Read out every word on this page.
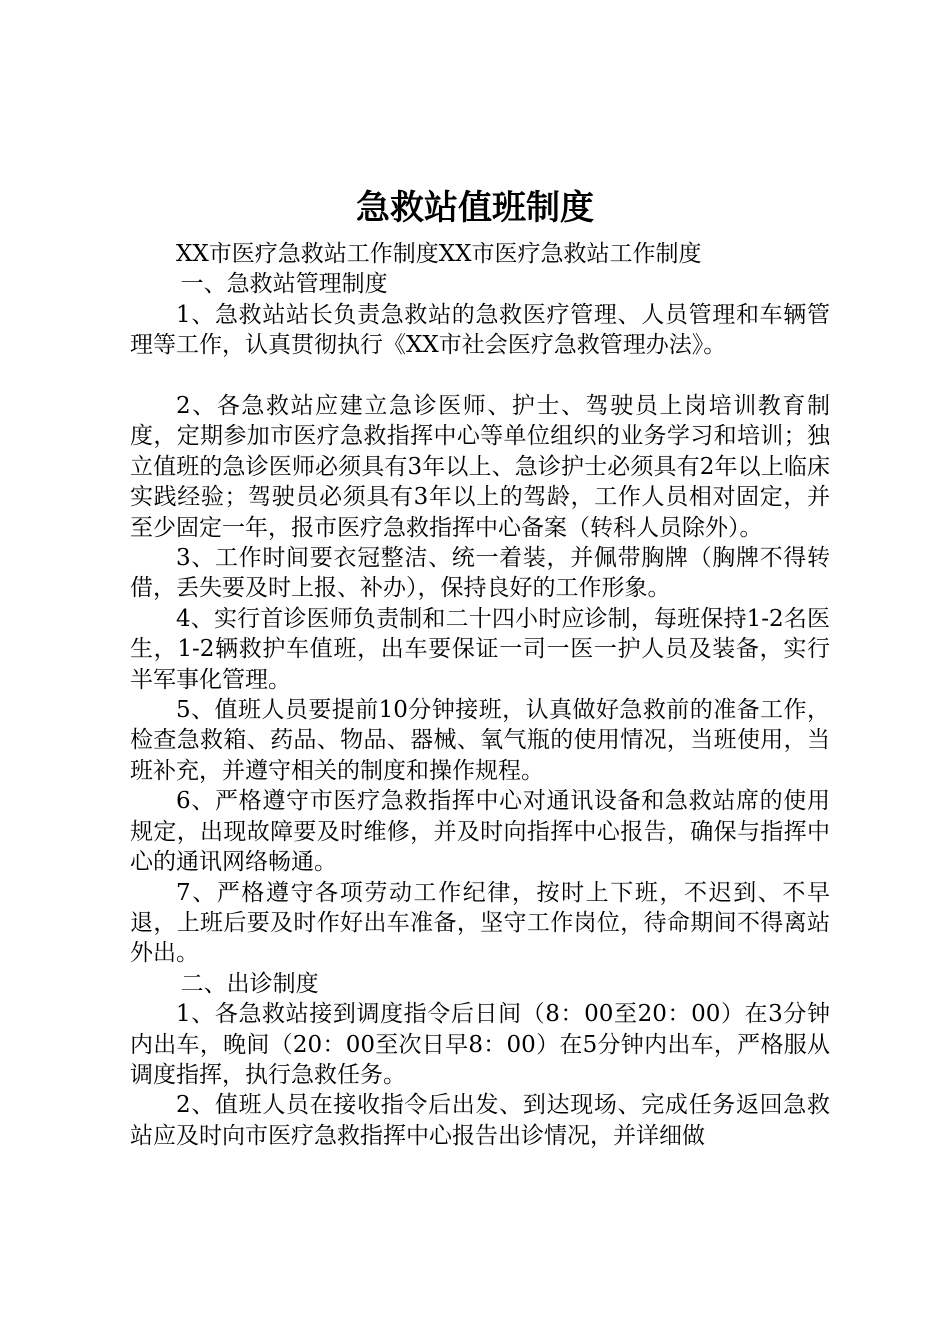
急救站值班制度

XX市医疗急救站工作制度XX市医疗急救站工作制度

一、急救站管理制度

1、急救站站长负责急救站的急救医疗管理、人员管理和车辆管理等工作，认真贯彻执行《XX市社会医疗急救管理办法》。

2、各急救站应建立急诊医师、护士、驾驶员上岗培训教育制度，定期参加市医疗急救指挥中心等单位组织的业务学习和培训；独立值班的急诊医师必须具有3年以上、急诊护士必须具有2年以上临床实践经验；驾驶员必须具有3年以上的驾龄，工作人员相对固定，并至少固定一年，报市医疗急救指挥中心备案（转科人员除外）。

3、工作时间要衣冠整洁、统一着装，并佩带胸牌（胸牌不得转借，丢失要及时上报、补办），保持良好的工作形象。

4、实行首诊医师负责制和二十四小时应诊制，每班保持1-2名医生，1-2辆救护车值班，出车要保证一司一医一护人员及装备，实行半军事化管理。

5、值班人员要提前10分钟接班，认真做好急救前的准备工作，检查急救箱、药品、物品、器械、氧气瓶的使用情况，当班使用，当班补充，并遵守相关的制度和操作规程。

6、严格遵守市医疗急救指挥中心对通讯设备和急救站席的使用规定，出现故障要及时维修，并及时向指挥中心报告，确保与指挥中心的通讯网络畅通。

7、严格遵守各项劳动工作纪律，按时上下班，不迟到、不早退，上班后要及时作好出车准备，坚守工作岗位，待命期间不得离站外出。

二、出诊制度

1、各急救站接到调度指令后日间（8：00至20：00）在3分钟内出车，晚间（20：00至次日早8：00）在5分钟内出车，严格服从调度指挥，执行急救任务。

2、值班人员在接收指令后出发、到达现场、完成任务返回急救站应及时向市医疗急救指挥中心报告出诊情况，并详细做
